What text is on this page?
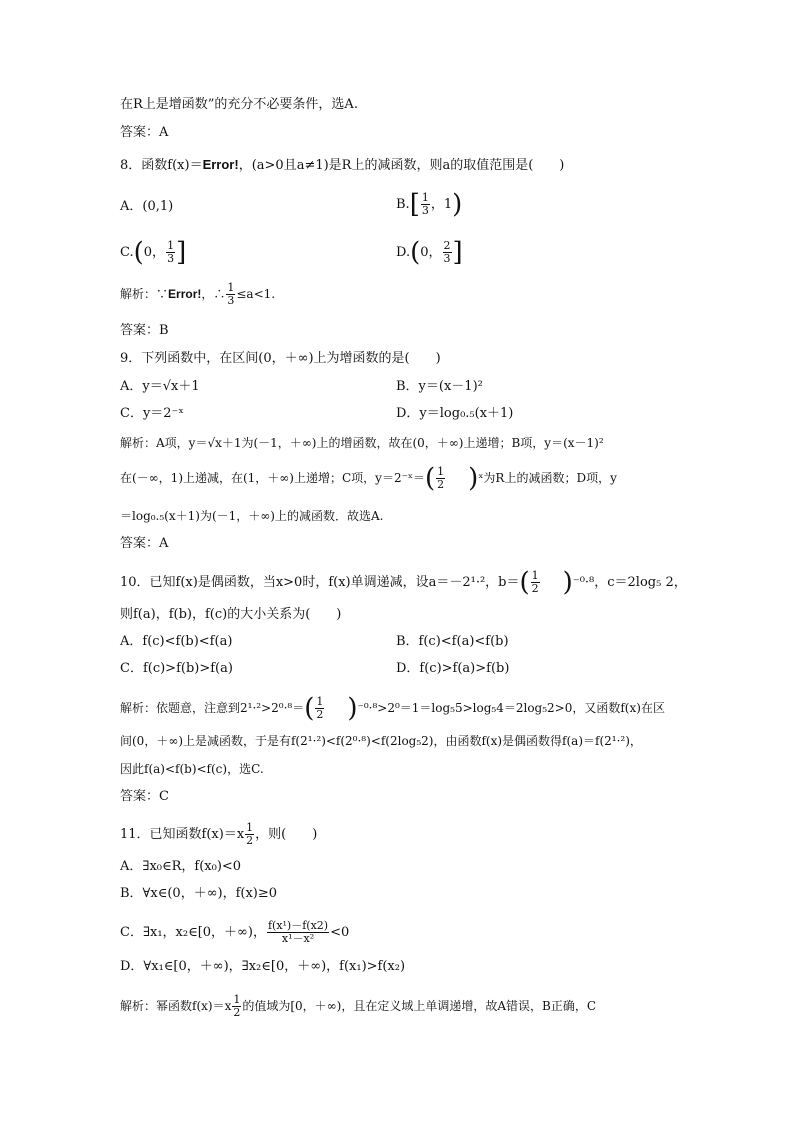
在R上是增函数”的充分不必要条件，选A.
答案：A
8．函数f(x)＝Error!，(a>0且a≠1)是R上的减函数，则a的取值范围是(　　)
A．(0,1)	$B.[ \frac{1}{3}$ ，1)
C.(0， $\frac{1}{3}$ ]	D.(0， $\frac{2}{3}$ ]
解析：∵Error!，∴ $\frac{1}{3} \le a<1$.
答案：B
9．下列函数中，在区间(0，＋∞)上为增函数的是(　　)
A．y＝√x＋1	B．y＝(x－1)²
C．y＝2⁻ˣ	D．y＝log₀.₅(x＋1)
解析：A项，y＝√x＋1为(－1，＋∞)上的增函数，故在(0，＋∞)上递增；B项，y＝(x－1)²
在(－∞，1)上递减，在(1，＋∞)上递增；C项，y＝2⁻ˣ＝( $\frac{1}{2}$ )ˣ为R上的减函数；D项，y
＝log₀.₅(x＋1)为(－1，＋∞)上的减函数．故选A.
答案：A
10．已知f(x)是偶函数，当x>0时，f(x)单调递减，设a＝－2¹·²，$b=( \frac{1}{2} )^{-0}\cdot^8$，c＝2log₅ 2，
则f(a)，f(b)，f(c)的大小关系为(　　)
A．f(c)<f(b)<f(a)	B．f(c)<f(a)<f(b)
C．f(c)>f(b)>f(a)	D．f(c)>f(a)>f(b)
解析：依题意，注意到$2^1\cdot^2>2^0\cdot^8=( \frac{1}{2} )^{-0}\cdot^8>2^0=1=\log_55>\log_54=2\log_52>0$，又函数f(x)在区
间(0，＋∞)上是减函数，于是有f(2¹·²)<f(2⁰·⁸)<f(2log₅2)，由函数f(x)是偶函数得f(a)＝f(2¹·²)，
因此f(a)<f(b)<f(c)，选C.
答案：C
11．已知函数$f(x)=x \frac{1}{2}$ ，则(　　)
A．∃x₀∈R，f(x₀)<0
B．∀x∈(0，＋∞)，f(x)≥0
C．∃x₁，x₂∈[0，＋∞)， $\frac{\text{f(x¹)－f(x2)}}{\text{x¹－x²}} <0$
D．∀x₁∈[0，＋∞)，∃x₂∈[0，＋∞)，f(x₁)>f(x₂)
解析：幂函数$f(x)=x \frac{1}{2}$ 的值域为[0，＋∞)，且在定义域上单调递增，故A错误，B正确，C
